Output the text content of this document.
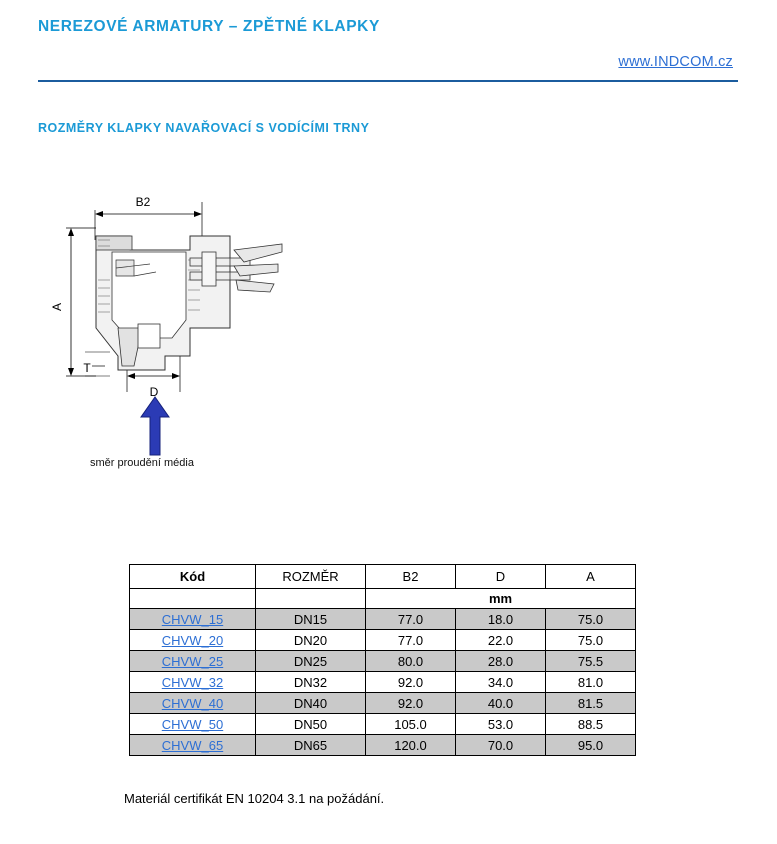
NEREZOVÉ ARMATURY – ZPĚTNÉ KLAPKY
www.INDCOM.cz
ROZMĚRY KLAPKY NAVAŘOVACÍ S VODÍCÍMI TRNY
B2
A
D
T
směr proudění média
Kód	ROZMĚR	B2	D	A
		mm		
CHVW_15	DN15	77.0	18.0	75.0
CHVW_20	DN20	77.0	22.0	75.0
CHVW_25	DN25	80.0	28.0	75.5
CHVW_32	DN32	92.0	34.0	81.0
CHVW_40	DN40	92.0	40.0	81.5
CHVW_50	DN50	105.0	53.0	88.5
CHVW_65	DN65	120.0	70.0	95.0
Materiál certifikát EN 10204 3.1 na požádání.
